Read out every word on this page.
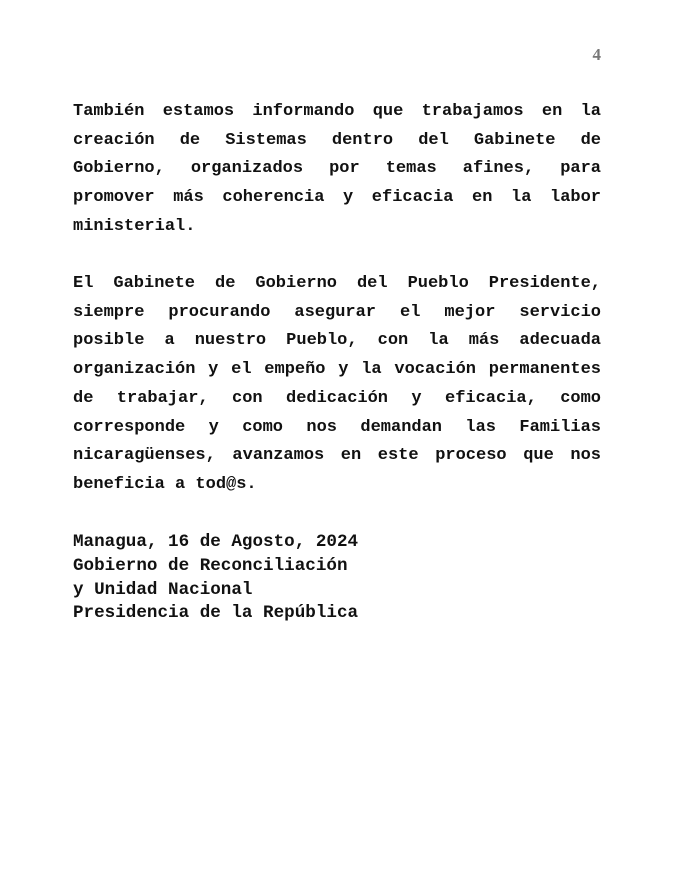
4

También estamos informando que trabajamos en la creación de Sistemas dentro del Gabinete de Gobierno, organizados por temas afines, para promover más coherencia y eficacia en la labor ministerial.

El Gabinete de Gobierno del Pueblo Presidente, siempre procurando asegurar el mejor servicio posible a nuestro Pueblo, con la más adecuada organización y el empeño y la vocación permanentes de trabajar, con dedicación y eficacia, como corresponde y como nos demandan las Familias nicaragüenses, avanzamos en este proceso que nos beneficia a tod@s.

Managua, 16 de Agosto, 2024
Gobierno de Reconciliación
y Unidad Nacional
Presidencia de la República
